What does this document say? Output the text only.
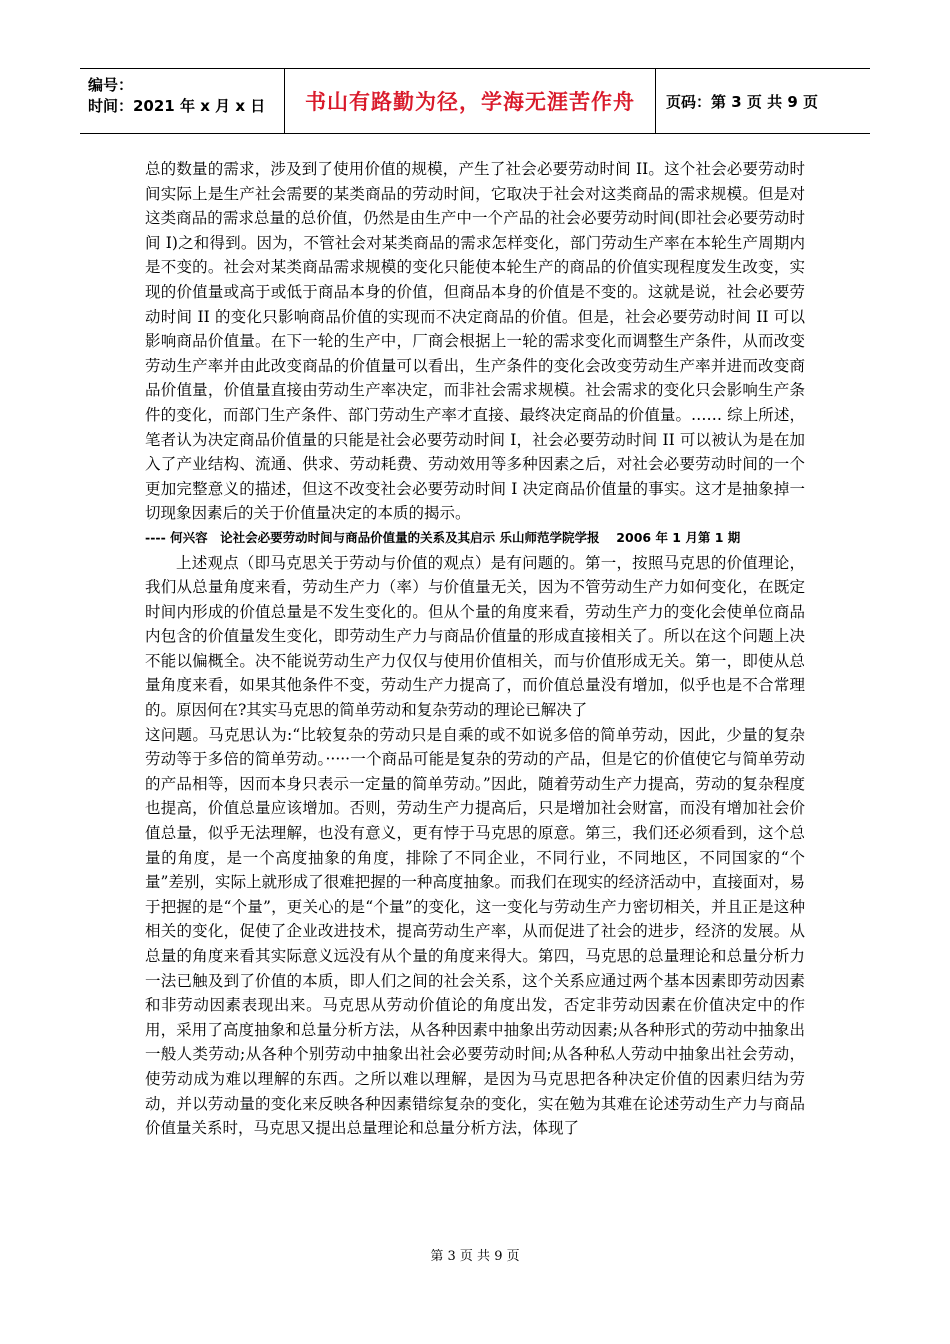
编号：
时间：2021 年 x 月 x 日	书山有路勤为径，学海无涯苦作舟 页码：第 3 页 共 9 页

总的数量的需求，涉及到了使用价值的规模，产生了社会必要劳动时间 II。这个社会必要劳动时间实际上是生产社会需要的某类商品的劳动时间，它取决于社会对这类商品的需求规模。但是对这类商品的需求总量的总价值，仍然是由生产中一个产品的社会必要劳动时间(即社会必要劳动时间 I)之和得到。因为，不管社会对某类商品的需求怎样变化，部门劳动生产率在本轮生产周期内是不变的。社会对某类商品需求规模的变化只能使本轮生产的商品的价值实现程度发生改变，实现的价值量或高于或低于商品本身的价值，但商品本身的价值是不变的。这就是说，社会必要劳动时间 II 的变化只影响商品价值的实现而不决定商品的价值。但是，社会必要劳动时间 II 可以影响商品价值量。在下一轮的生产中，厂商会根据上一轮的需求变化而调整生产条件，从而改变劳动生产率并由此改变商品的价值量可以看出，生产条件的变化会改变劳动生产率并进而改变商品价值量，价值量直接由劳动生产率决定，而非社会需求规模。社会需求的变化只会影响生产条件的变化，而部门生产条件、部门劳动生产率才直接、最终决定商品的价值量。…… 综上所述，笔者认为决定商品价值量的只能是社会必要劳动时间 I，社会必要劳动时间 II 可以被认为是在加入了产业结构、流通、供求、劳动耗费、劳动效用等多种因素之后，对社会必要劳动时间的一个更加完整意义的描述，但这不改变社会必要劳动时间 I 决定商品价值量的事实。这才是抽象掉一切现象因素后的关于价值量决定的本质的揭示。

---- 何兴容　论社会必要劳动时间与商品价值量的关系及其启示 乐山师范学院学报　 2006 年 1 月第 1 期

上述观点（即马克思关于劳动与价值的观点）是有问题的。第一，按照马克思的价值理论，我们从总量角度来看，劳动生产力（率）与价值量无关，因为不管劳动生产力如何变化，在既定时间内形成的价值总量是不发生变化的。但从个量的角度来看，劳动生产力的变化会使单位商品内包含的价值量发生变化，即劳动生产力与商品价值量的形成直接相关了。所以在这个问题上决不能以偏概全。决不能说劳动生产力仅仅与使用价值相关，而与价值形成无关。第一，即使从总量角度来看，如果其他条件不变，劳动生产力提高了，而价值总量没有增加，似乎也是不合常理的。原因何在?其实马克思的简单劳动和复杂劳动的理论已解决了

这问题。马克思认为:“比较复杂的劳动只是自乘的或不如说多倍的简单劳动，因此，少量的复杂劳动等于多倍的简单劳动。·····一个商品可能是复杂的劳动的产品，但是它的价值使它与简单劳动的产品相等，因而本身只表示一定量的简单劳动。”因此，随着劳动生产力提高，劳动的复杂程度也提高，价值总量应该增加。否则，劳动生产力提高后，只是增加社会财富，而没有增加社会价值总量，似乎无法理解，也没有意义，更有悖于马克思的原意。第三，我们还必须看到，这个总量的角度，是一个高度抽象的角度，排除了不同企业，不同行业，不同地区，不同国家的“个量”差别，实际上就形成了很难把握的一种高度抽象。而我们在现实的经济活动中，直接面对，易于把握的是“个量”，更关心的是“个量”的变化，这一变化与劳动生产力密切相关，并且正是这种相关的变化，促使了企业改进技术，提高劳动生产率，从而促进了社会的进步，经济的发展。从总量的角度来看其实际意义远没有从个量的角度来得大。第四，马克思的总量理论和总量分析力一法已触及到了价值的本质，即人们之间的社会关系，这个关系应通过两个基本因素即劳动因素和非劳动因素表现出来。马克思从劳动价值论的角度出发，否定非劳动因素在价值决定中的作用，采用了高度抽象和总量分析方法，从各种因素中抽象出劳动因素;从各种形式的劳动中抽象出一般人类劳动;从各种个别劳动中抽象出社会必要劳动时间;从各种私人劳动中抽象出社会劳动，使劳动成为难以理解的东西。之所以难以理解，是因为马克思把各种决定价值的因素归结为劳动，并以劳动量的变化来反映各种因素错综复杂的变化，实在勉为其难在论述劳动生产力与商品价值量关系时，马克思又提出总量理论和总量分析方法，体现了

第 3 页 共 9 页
